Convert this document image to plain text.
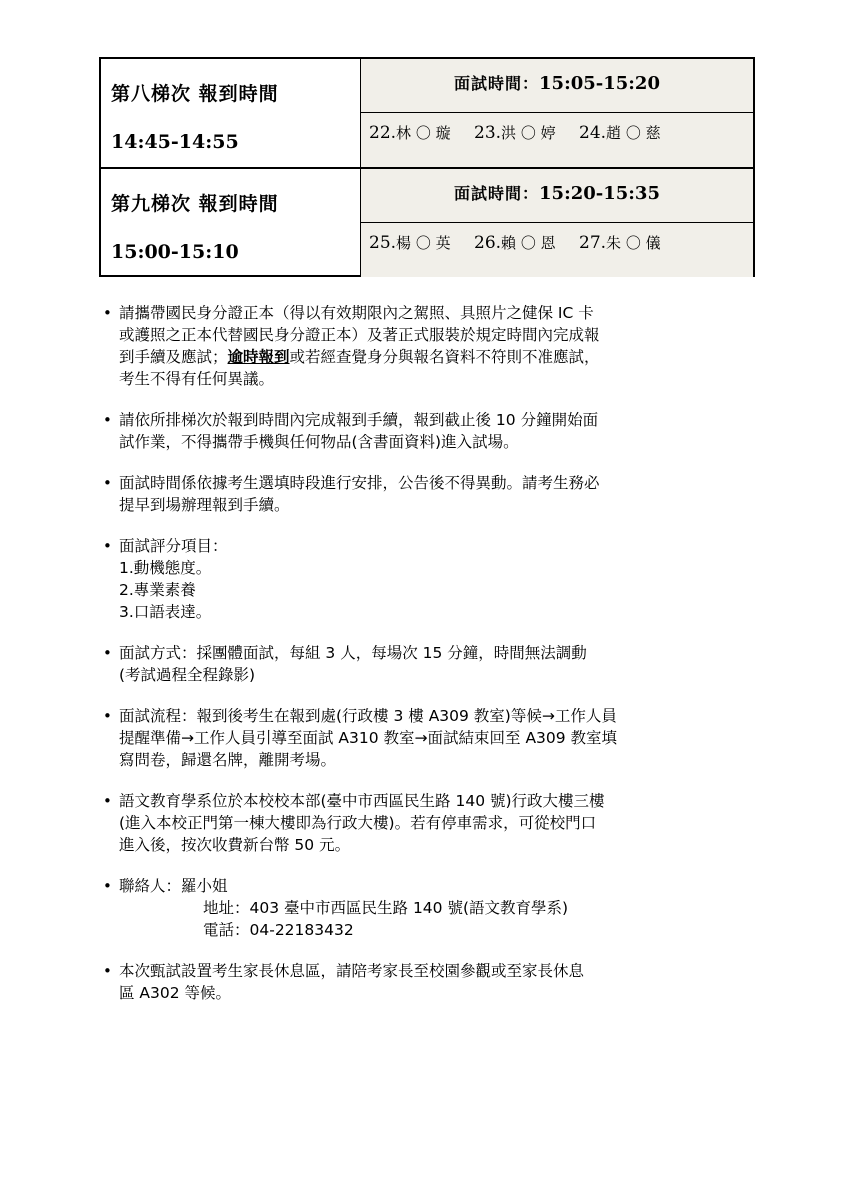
第八梯次 報到時間
14:45-14:55
面試時間：15:05-15:20
22.林 〇 璇 23.洪 〇 婷 24.趙 〇 慈
第九梯次 報到時間
15:00-15:10
面試時間：15:20-15:35
25.楊 〇 英 26.賴 〇 恩 27.朱 〇 儀
• 請攜帶國民身分證正本（得以有效期限內之駕照、具照片之健保 IC 卡
或護照之正本代替國民身分證正本）及著正式服裝於規定時間內完成報
到手續及應試；逾時報到或若經查覺身分與報名資料不符則不准應試，
考生不得有任何異議。
• 請依所排梯次於報到時間內完成報到手續，報到截止後 10 分鐘開始面
試作業，不得攜帶手機與任何物品(含書面資料)進入試場。
• 面試時間係依據考生選填時段進行安排，公告後不得異動。請考生務必
提早到場辦理報到手續。
• 面試評分項目：
1.動機態度。
2.專業素養
3.口語表達。
• 面試方式：採團體面試，每組 3 人，每場次 15 分鐘，時間無法調動
(考試過程全程錄影)
• 面試流程：報到後考生在報到處(行政樓 3 樓 A309 教室)等候→工作人員
提醒準備→工作人員引導至面試 A310 教室→面試結束回至 A309 教室填
寫問卷，歸還名牌，離開考場。
• 語文教育學系位於本校校本部(臺中市西區民生路 140 號)行政大樓三樓
(進入本校正門第一棟大樓即為行政大樓)。若有停車需求，可從校門口
進入後，按次收費新台幣 50 元。
• 聯絡人：羅小姐
地址：403 臺中市西區民生路 140 號(語文教育學系)
電話：04-22183432
• 本次甄試設置考生家長休息區，請陪考家長至校園參觀或至家長休息
區 A302 等候。
